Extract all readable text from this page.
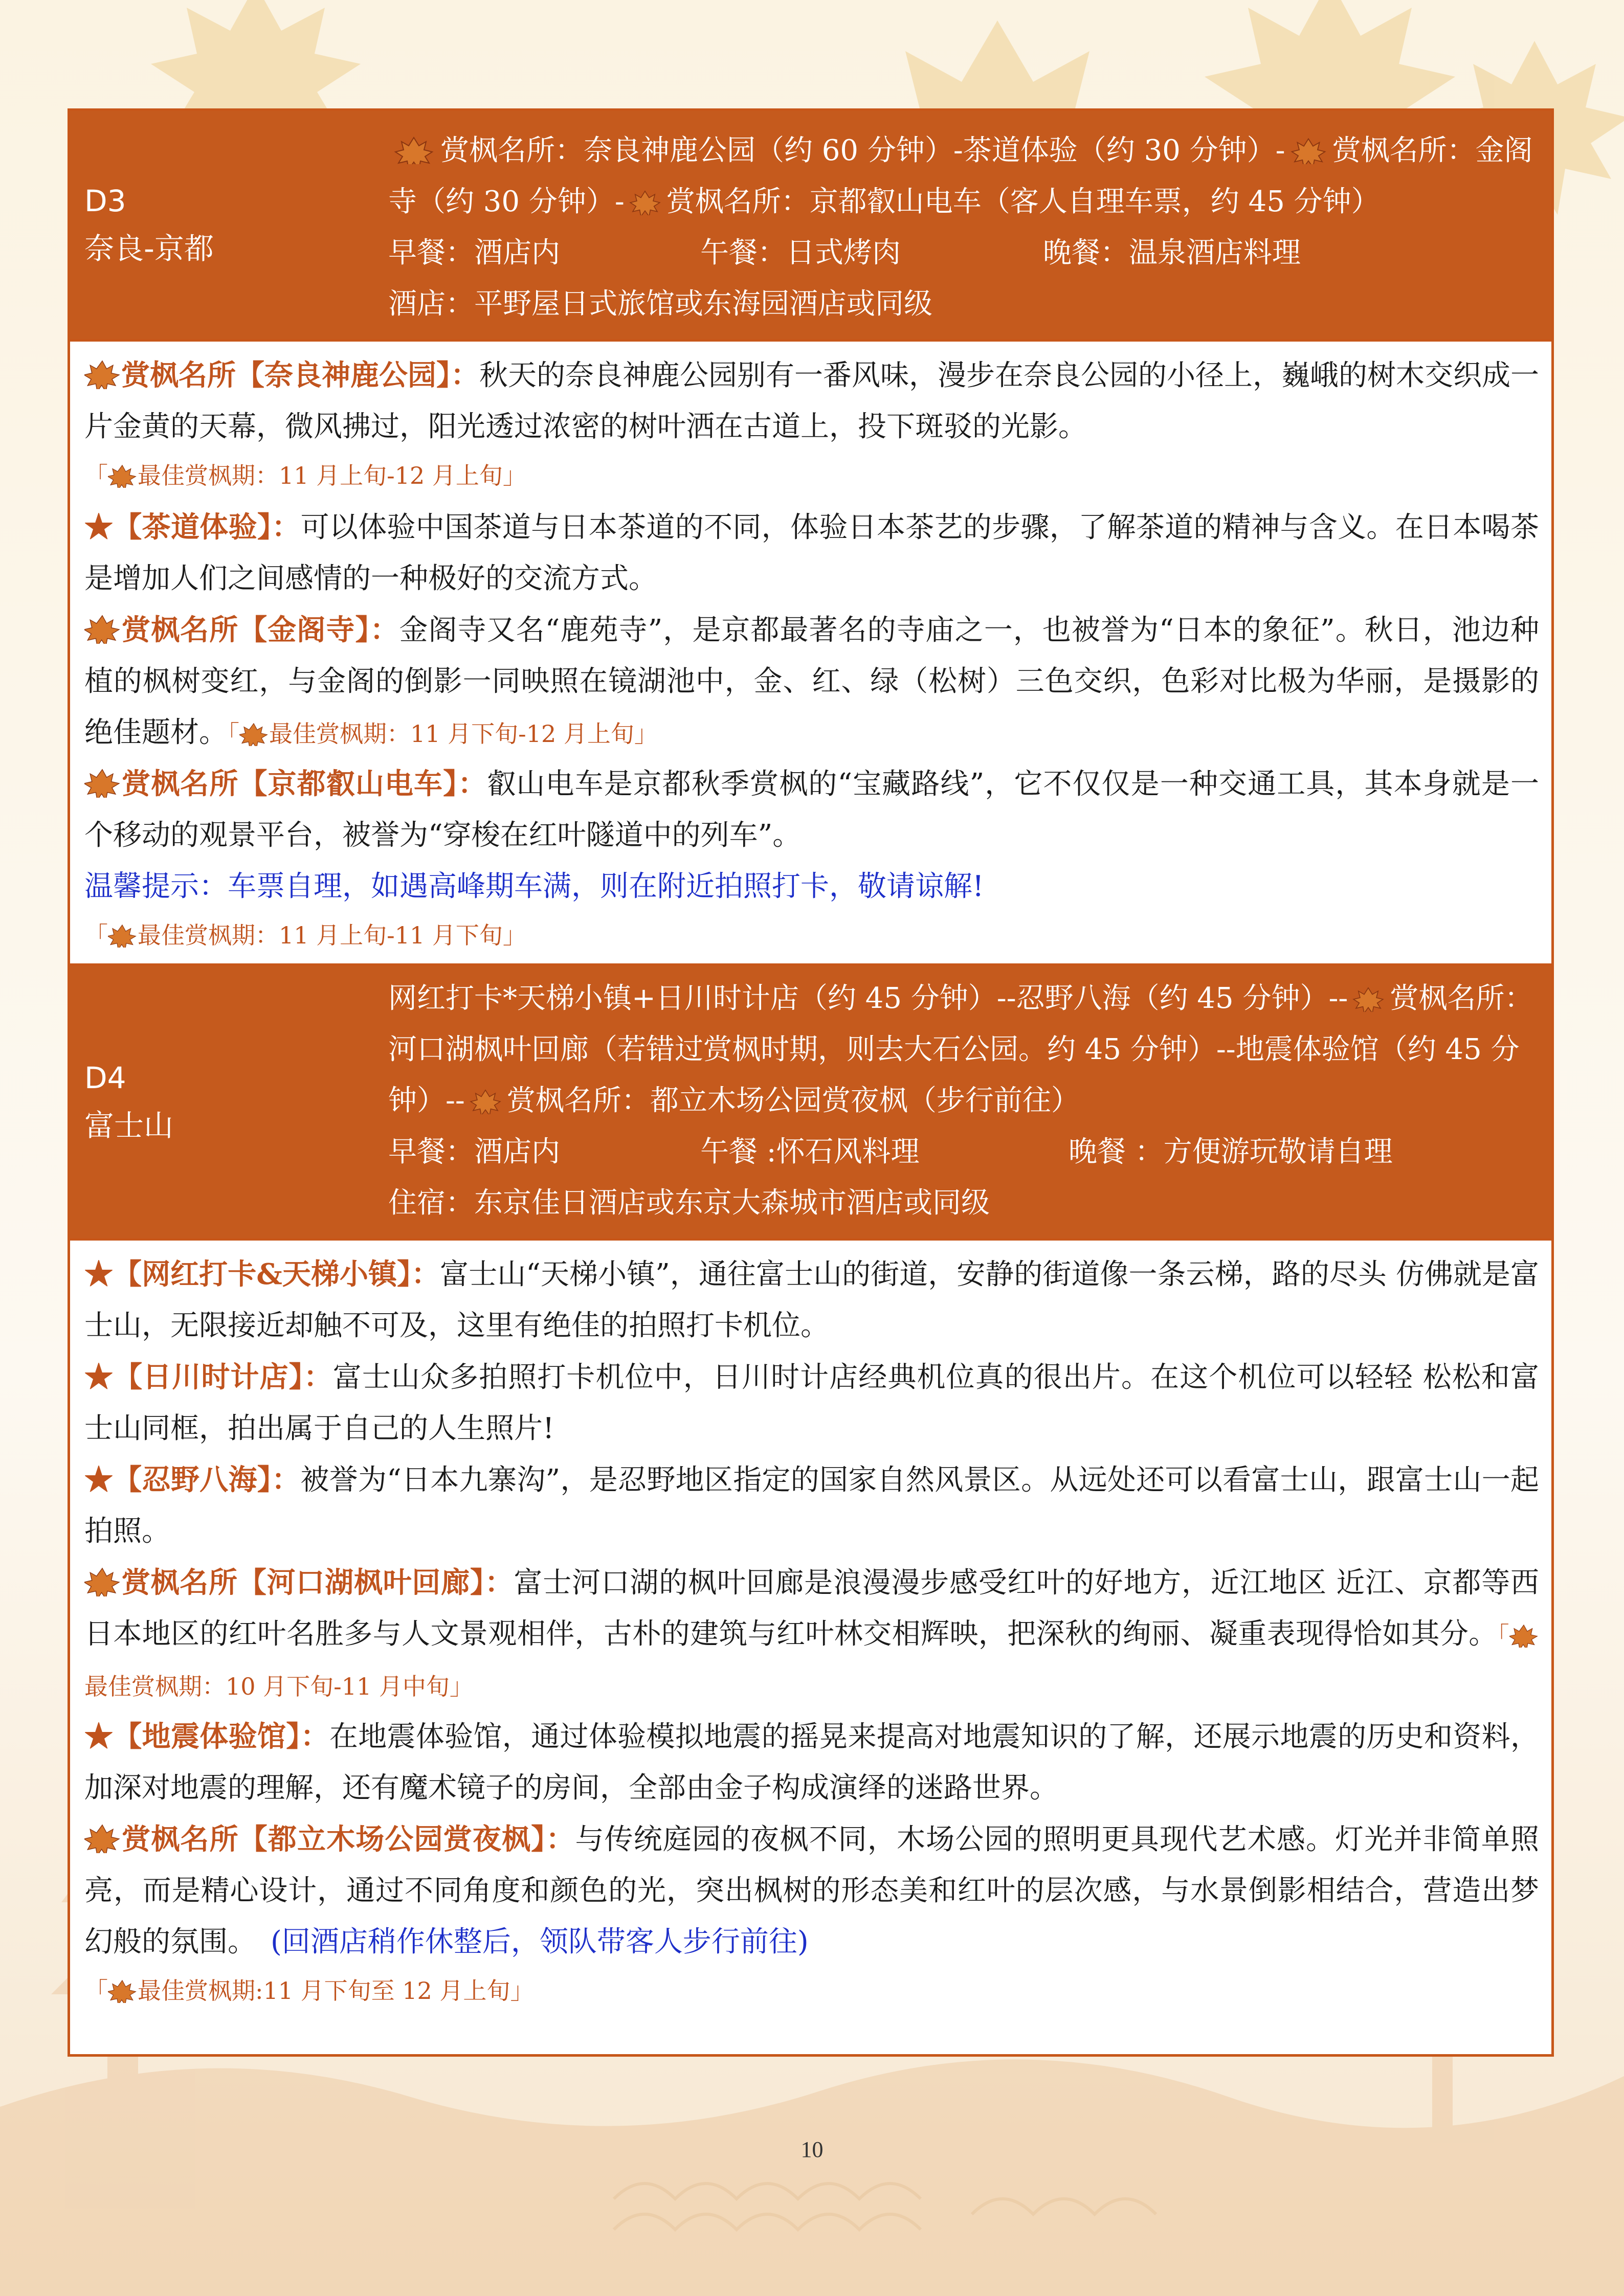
D3
奈良-京都
赏枫名所：奈良神鹿公园（约 60 分钟）-茶道体验（约 30 分钟）- 赏枫名所：金阁寺（约 30 分钟）- 赏枫名所：京都叡山电车（客人自理车票，约 45 分钟）
早餐：酒店内	午餐：日式烤肉	晚餐：温泉酒店料理
酒店：平野屋日式旅馆或东海园酒店或同级

赏枫名所【奈良神鹿公园】：秋天的奈良神鹿公园别有一番风味，漫步在奈良公园的小径上，巍峨的树木交织成一片金黄的天幕，微风拂过，阳光透过浓密的树叶洒在古道上，投下斑驳的光影。

「 最佳赏枫期：11 月上旬-12 月上旬」

★【茶道体验】：可以体验中国茶道与日本茶道的不同，体验日本茶艺的步骤，了解茶道的精神与含义。在日本喝茶是增加人们之间感情的一种极好的交流方式。

赏枫名所【金阁寺】：金阁寺又名“鹿苑寺”，是京都最著名的寺庙之一，也被誉为“日本的象征”。秋日，池边种植的枫树变红，与金阁的倒影一同映照在镜湖池中，金、红、绿（松树）三色交织，色彩对比极为华丽，是摄影的绝佳题材。「 最佳赏枫期：11 月下旬-12 月上旬」

赏枫名所【京都叡山电车】：叡山电车是京都秋季赏枫的“宝藏路线”，它不仅仅是一种交通工具，其本身就是一个移动的观景平台，被誉为“穿梭在红叶隧道中的列车”。

温馨提示：车票自理，如遇高峰期车满，则在附近拍照打卡，敬请谅解!

「 最佳赏枫期：11 月上旬-11 月下旬」
D4
富士山
网红打卡*天梯小镇+日川时计店（约 45 分钟）--忍野八海（约 45 分钟）-- 赏枫名所：河口湖枫叶回廊（若错过赏枫时期，则去大石公园。约 45 分钟）--地震体验馆（约 45 分钟）-- 赏枫名所：都立木场公园赏夜枫（步行前往）
早餐：酒店内	午餐 :怀石风料理	晚餐 ：方便游玩敬请自理
住宿：东京佳日酒店或东京大森城市酒店或同级

★【网红打卡&天梯小镇】：富士山“天梯小镇”，通往富士山的街道，安静的街道像一条云梯，路的尽头 仿佛就是富士山，无限接近却触不可及，这里有绝佳的拍照打卡机位。

★【日川时计店】：富士山众多拍照打卡机位中，日川时计店经典机位真的很出片。在这个机位可以轻轻 松松和富士山同框，拍出属于自己的人生照片!

★【忍野八海】：被誉为“日本九寨沟”，是忍野地区指定的国家自然风景区。从远处还可以看富士山，跟富士山一起拍照。

赏枫名所【河口湖枫叶回廊】：富士河口湖的枫叶回廊是浪漫漫步感受红叶的好地方，近江地区 近江、京都等西日本地区的红叶名胜多与人文景观相伴，古朴的建筑与红叶林交相辉映，把深秋的绚丽、凝重表现得恰如其分。「最佳赏枫期：10 月下旬-11 月中旬」

★【地震体验馆】：在地震体验馆，通过体验模拟地震的摇晃来提高对地震知识的了解，还展示地震的历史和资料，加深对地震的理解，还有魔术镜子的房间，全部由金子构成演绎的迷路世界。

赏枫名所【都立木场公园赏夜枫】：与传统庭园的夜枫不同，木场公园的照明更具现代艺术感。灯光并非简单照亮，而是精心设计，通过不同角度和颜色的光，突出枫树的形态美和红叶的层次感，与水景倒影相结合，营造出梦幻般的氛围。　 (回酒店稍作休整后，领队带客人步行前往)

「 最佳赏枫期:11 月下旬至 12 月上旬」
10
